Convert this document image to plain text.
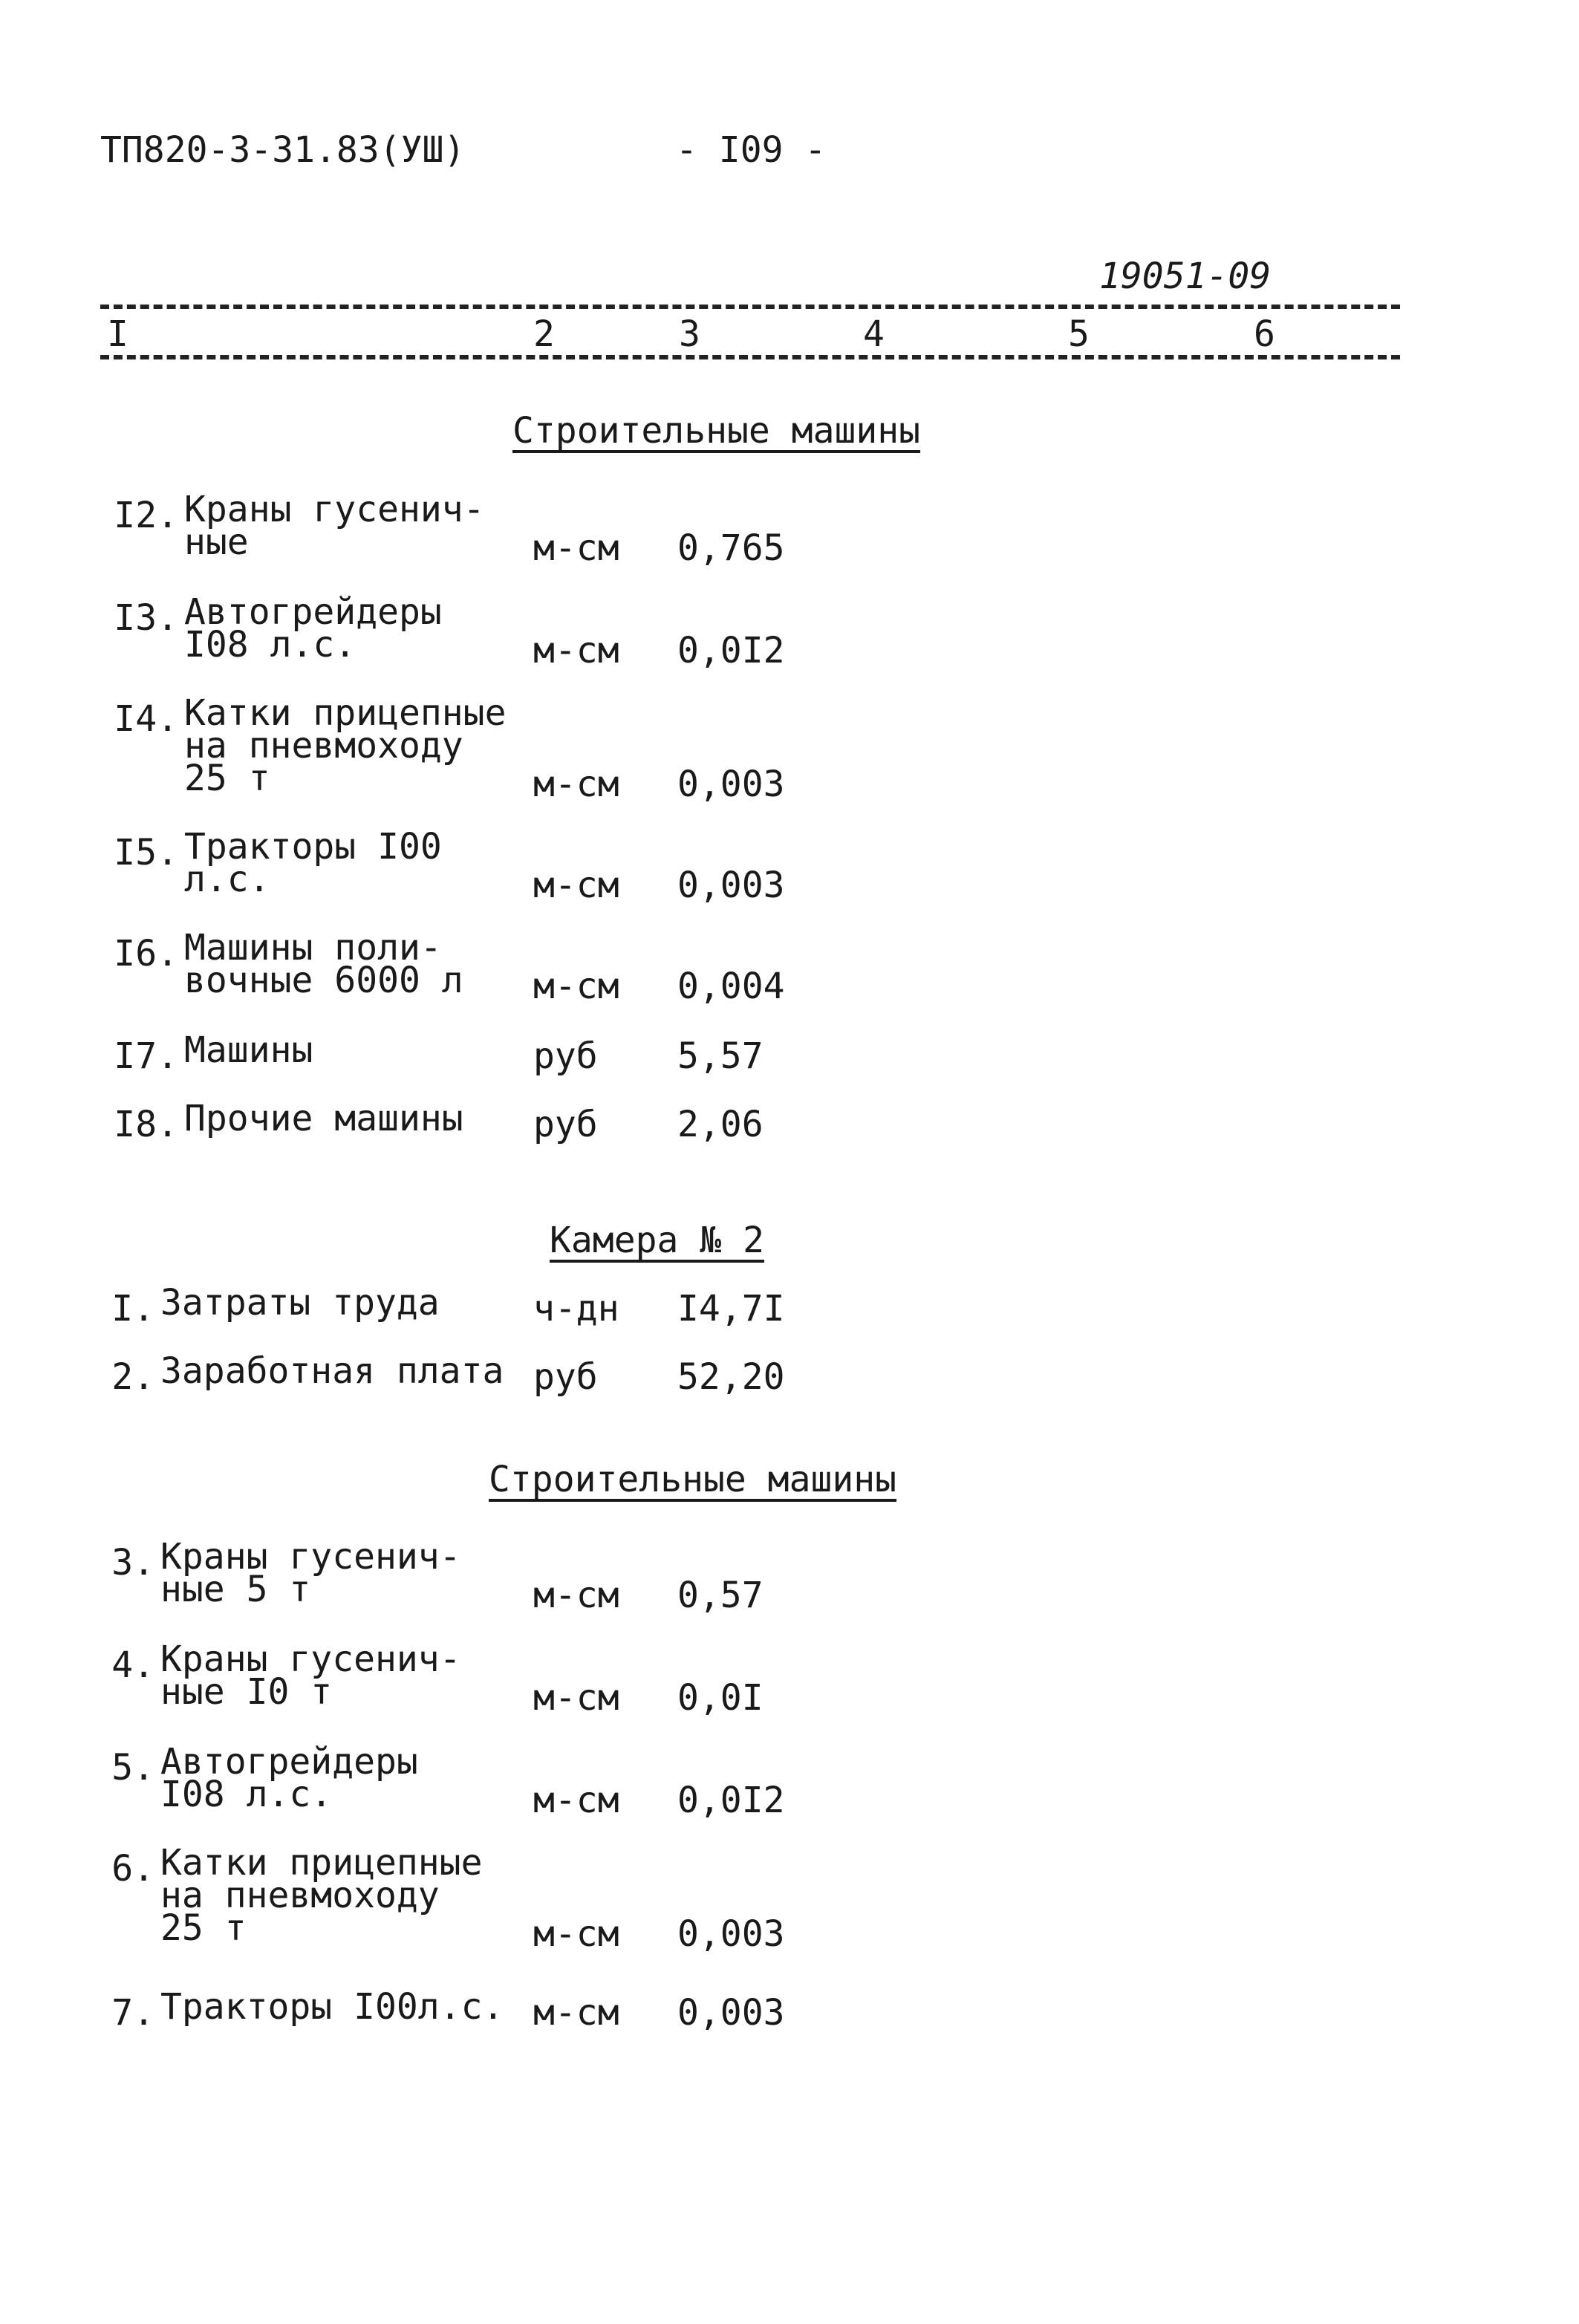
ТП820-3-31.83(УШ)	- I09 -
19051-09
I	2	3	4	5	6
Строительные машины
I2. Краны гусенич-
ные	м-см 0,765
I3. Автогрейдеры
I08 л.с.	м-см 0,0I2
I4. Катки прицепные
на пневмоходу
25 т	м-см 0,003
I5. Тракторы I00
л.с.	м-см 0,003
I6. Машины поли-
вочные 6000 л м-см 0,004
I7. Машины	руб 5,57
I8. Прочие машины руб 2,06
Камера № 2
I. Затраты труда	ч-дн I4,7I
2. Заработная плата руб 52,20
Строительные машины
3. Краны гусенич-
ные 5 т	м-см 0,57
4. Краны гусенич-
ные I0 т	м-см 0,0I
5. Автогрейдеры
I08 л.с.	м-см 0,0I2
6. Катки прицепные
на пневмоходу
25 т	м-см 0,003
7. Тракторы I00л.с. м-см 0,003
